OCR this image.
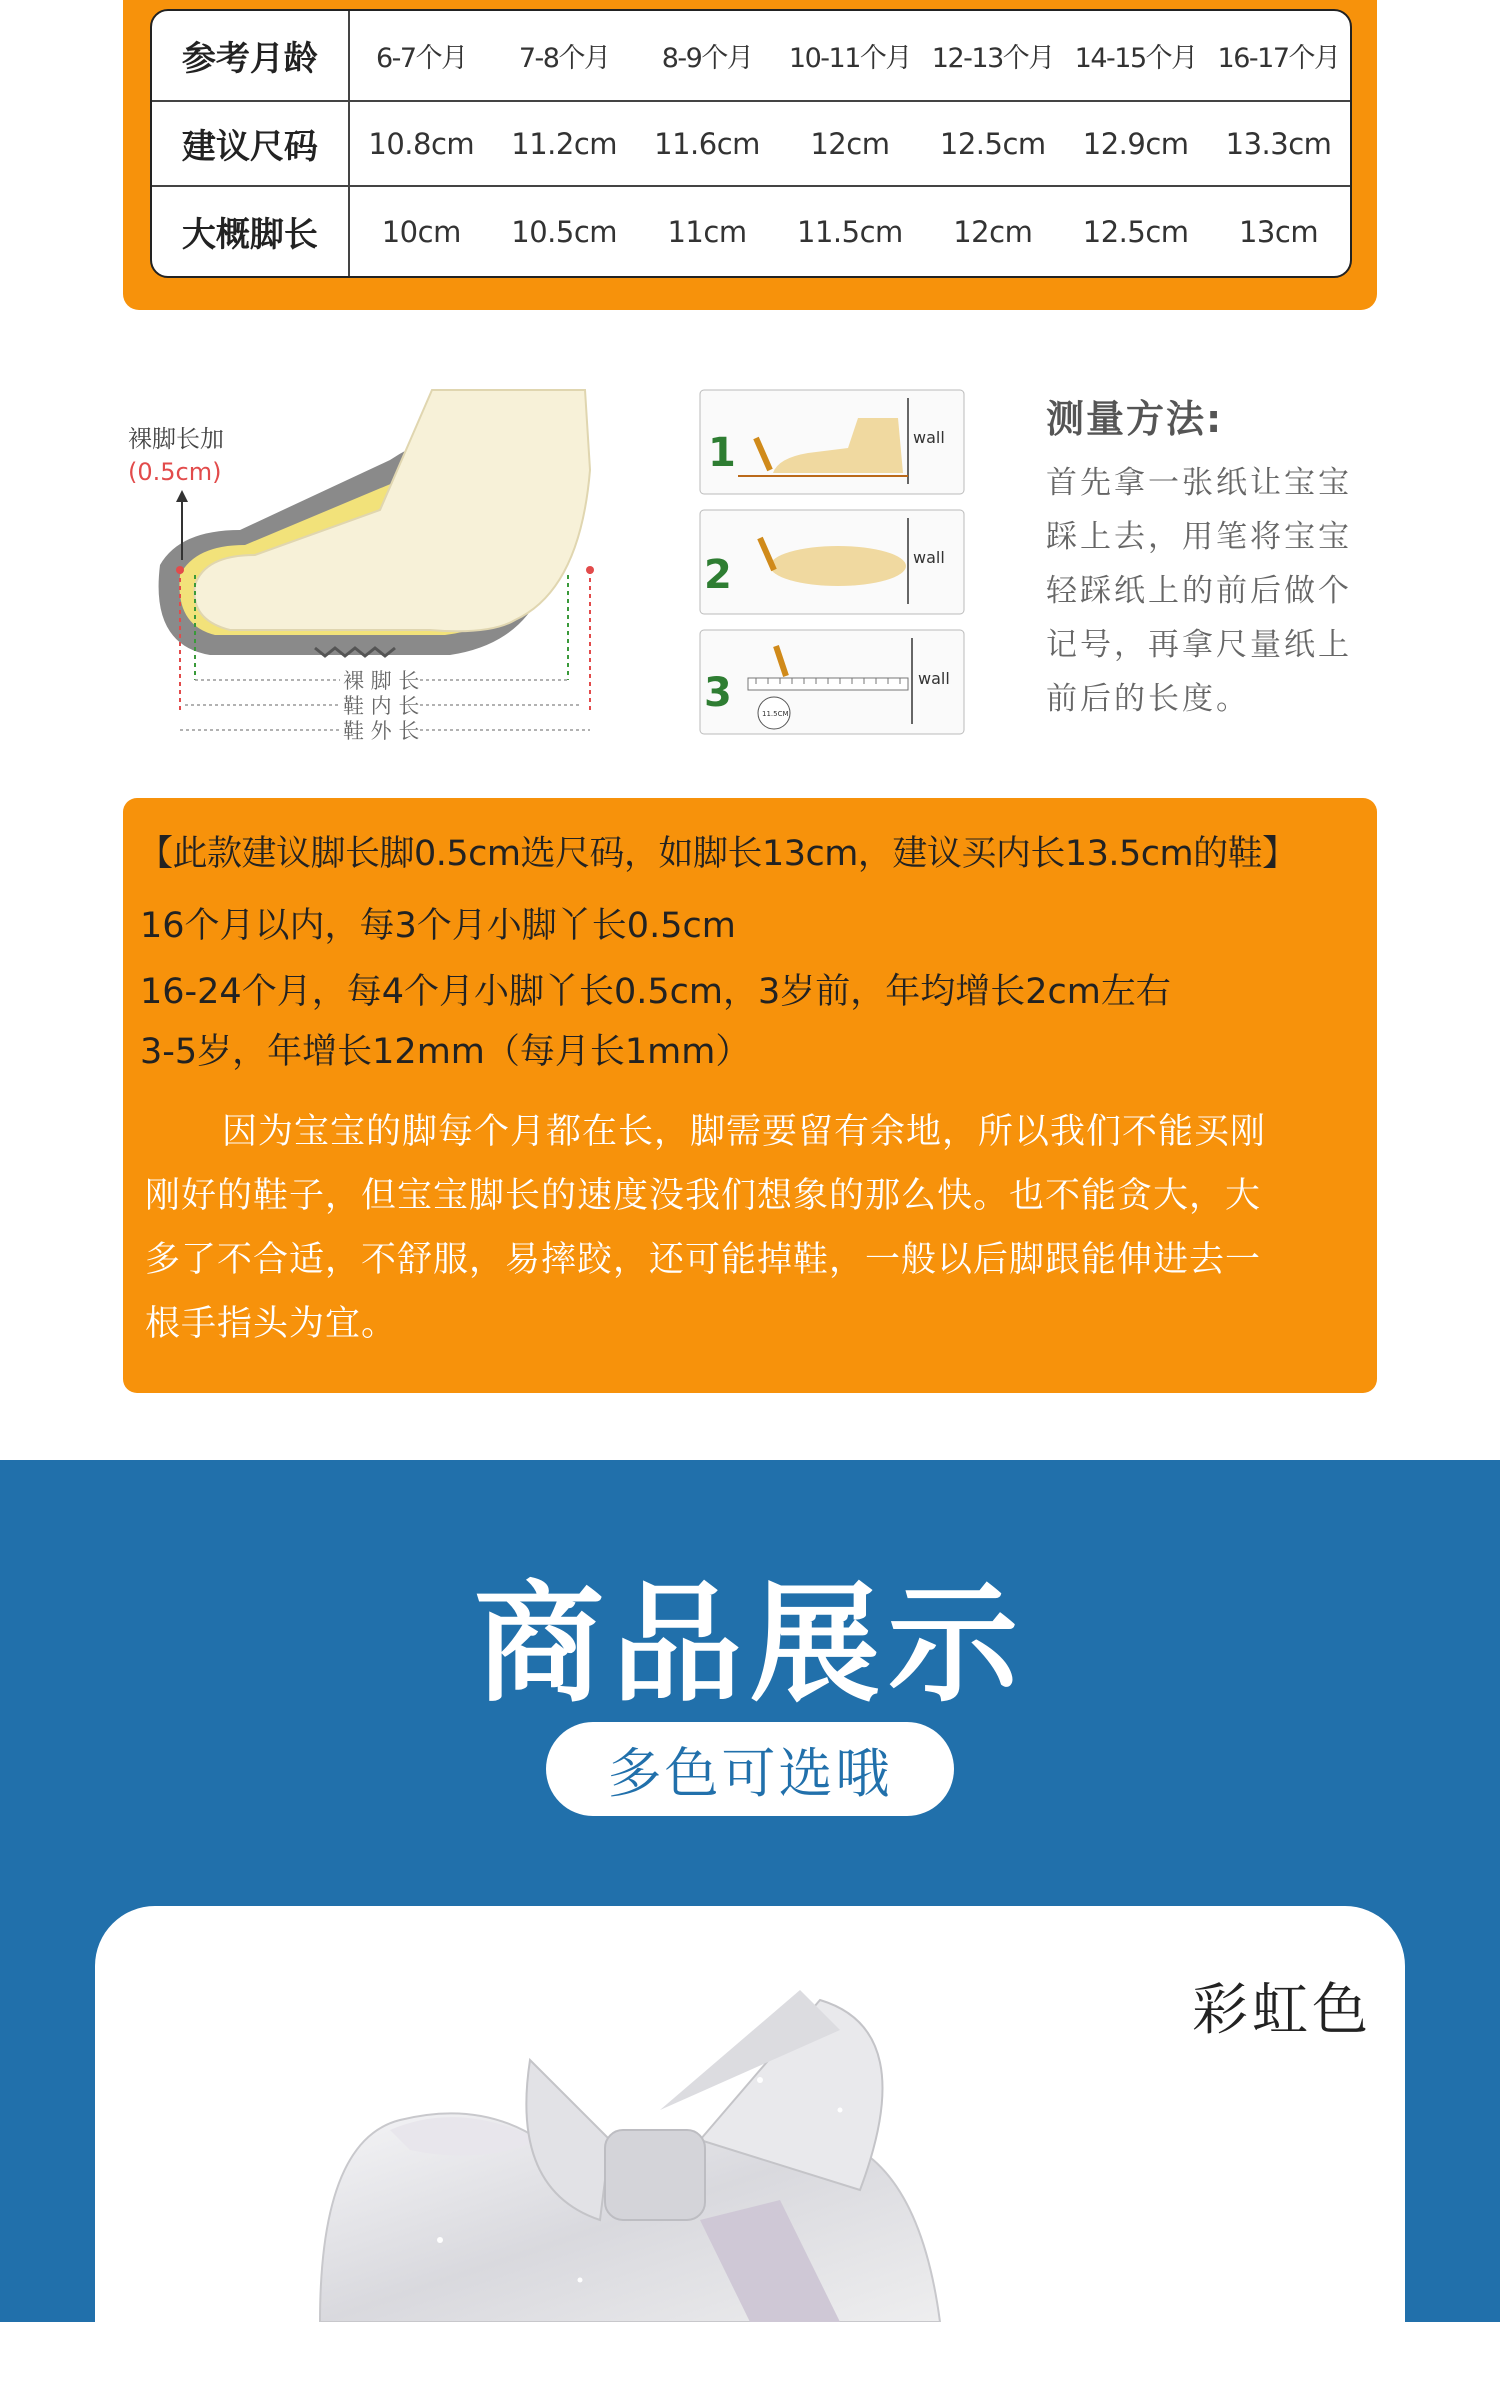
参考月龄	6-7个月	7-8个月	8-9个月	10-11个月 12-13个月 14-15个月 16-17个月
建议尺码	10.8cm	11.2cm	11.6cm	12cm	12.5cm	12.9cm	13.3cm
大概脚长	10cm	10.5cm	11cm	11.5cm	12cm	12.5cm	13cm
裸脚长加
(0.5cm)
裸 脚 长
鞋 内 长
鞋 外 长
1	wall
2	wall
3	11.5CM
wall
测量方法:
首先拿一张纸让宝宝
踩上去，用笔将宝宝
轻踩纸上的前后做个
记号，再拿尺量纸上
前后的长度。
【此款建议脚长脚0.5cm选尺码，如脚长13cm，建议买内长13.5cm的鞋】
16个月以内，每3个月小脚丫长0.5cm
16-24个月，每4个月小脚丫长0.5cm，3岁前，年均增长2cm左右
3-5岁，年增长12mm（每月长1mm）
因为宝宝的脚每个月都在长，脚需要留有余地，所以我们不能买刚
刚好的鞋子，但宝宝脚长的速度没我们想象的那么快。也不能贪大，大
多了不合适，不舒服，易摔跤，还可能掉鞋，一般以后脚跟能伸进去一
根手指头为宜。
商品展示
多色可选哦
彩虹色
